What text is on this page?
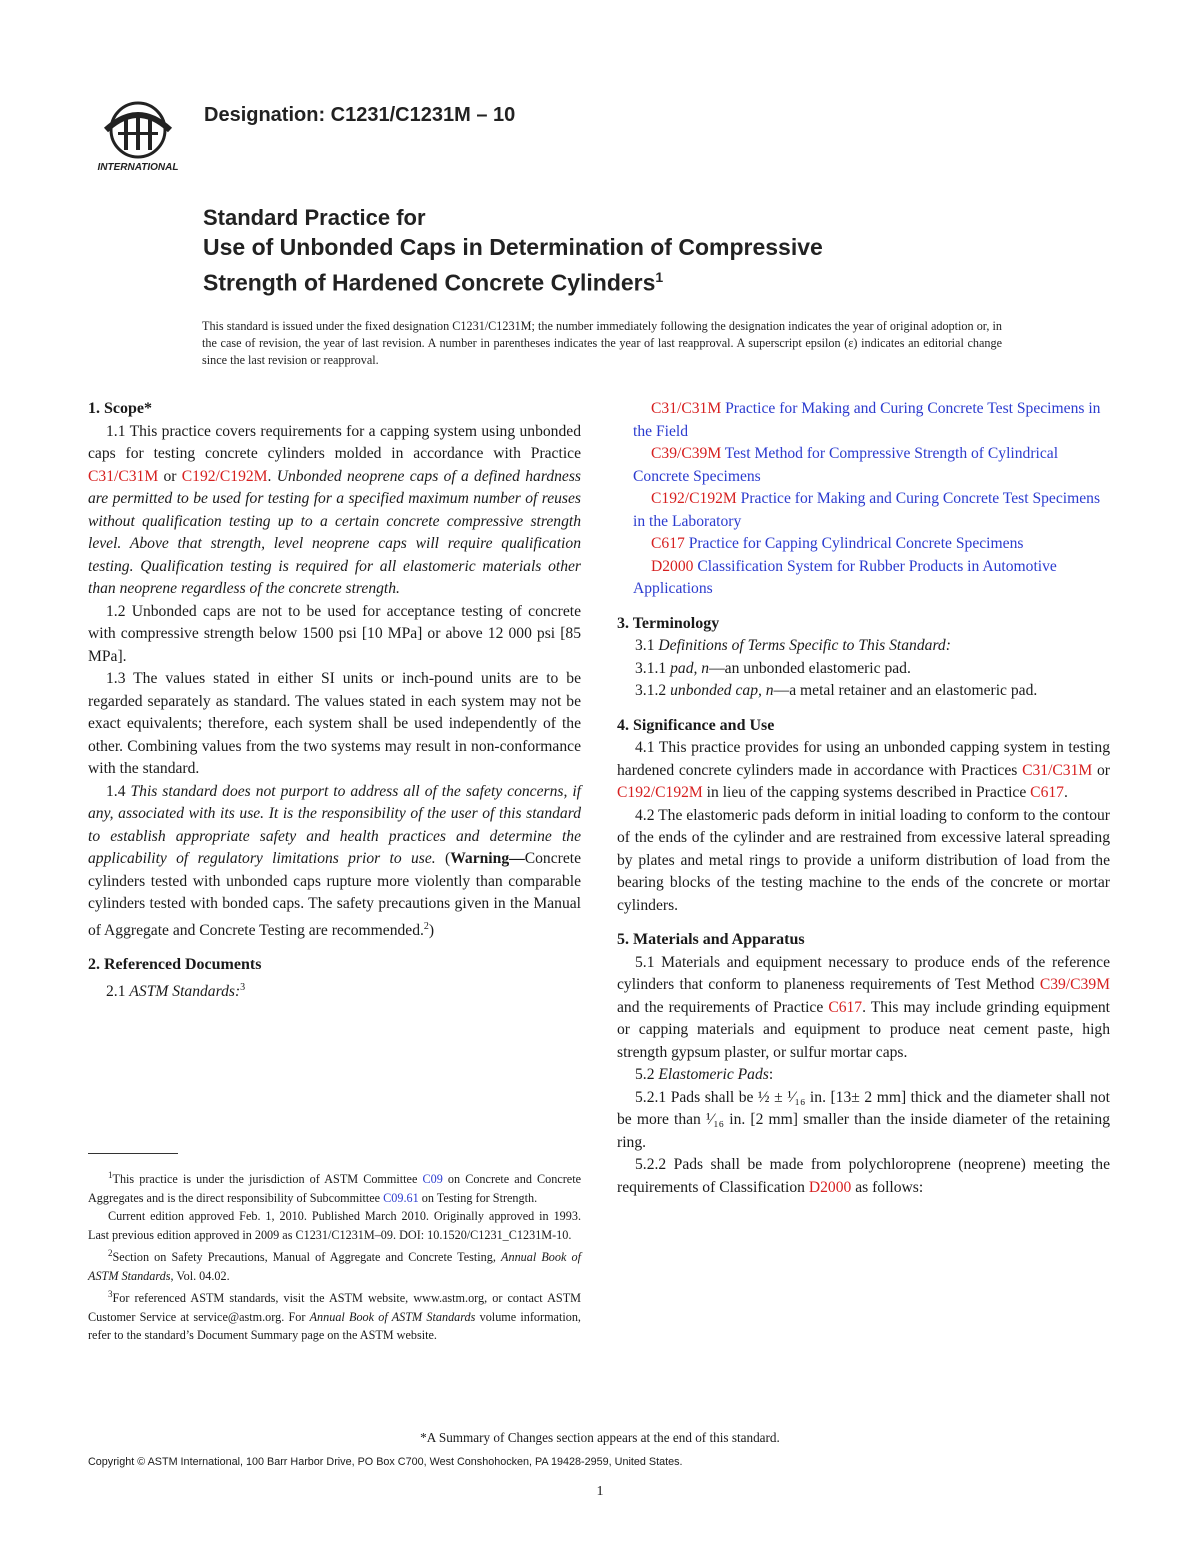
INTERNATIONAL
Designation: C1231/C1231M – 10
Standard Practice for
Use of Unbonded Caps in Determination of Compressive
Strength of Hardened Concrete Cylinders$^1$
This standard is issued under the fixed designation C1231/C1231M; the number immediately following the designation indicates the year of original adoption or, in the case of revision, the year of last revision. A number in parentheses indicates the year of last reapproval. A superscript epsilon (ε) indicates an editorial change since the last revision or reapproval.
1. Scope*

1.1 This practice covers requirements for a capping system using unbonded caps for testing concrete cylinders molded in accordance with Practice C31/C31M or C192/C192M. Unbonded neoprene caps of a defined hardness are permitted to be used for testing for a specified maximum number of reuses without qualification testing up to a certain concrete compressive strength level. Above that strength, level neoprene caps will require qualification testing. Qualification testing is required for all elastomeric materials other than neoprene regardless of the concrete strength.

1.2 Unbonded caps are not to be used for acceptance testing of concrete with compressive strength below 1500 psi [10 MPa] or above 12 000 psi [85 MPa].

1.3 The values stated in either SI units or inch-pound units are to be regarded separately as standard. The values stated in each system may not be exact equivalents; therefore, each system shall be used independently of the other. Combining values from the two systems may result in non-conformance with the standard.

1.4 This standard does not purport to address all of the safety concerns, if any, associated with its use. It is the responsibility of the user of this standard to establish appropriate safety and health practices and determine the applicability of regulatory limitations prior to use. (Warning—Concrete cylinders tested with unbonded caps rupture more violently than comparable cylinders tested with bonded caps. The safety precautions given in the Manual of Aggregate and Concrete Testing are recommended.$^2$)

2. Referenced Documents

2.1 ASTM Standards:$^3$

$^1$This practice is under the jurisdiction of ASTM Committee C09 on Concrete and Concrete Aggregates and is the direct responsibility of Subcommittee C09.61 on Testing for Strength.

Current edition approved Feb. 1, 2010. Published March 2010. Originally approved in 1993. Last previous edition approved in 2009 as C1231/C1231M–09. DOI: 10.1520/C1231_C1231M-10.

$^2$Section on Safety Precautions, Manual of Aggregate and Concrete Testing, Annual Book of ASTM Standards, Vol. 04.02.

$^3$For referenced ASTM standards, visit the ASTM website, www.astm.org, or contact ASTM Customer Service at service@astm.org. For Annual Book of ASTM Standards volume information, refer to the standard’s Document Summary page on the ASTM website.

C31/C31M Practice for Making and Curing Concrete Test Specimens in the Field

C39/C39M Test Method for Compressive Strength of Cylindrical Concrete Specimens

C192/C192M Practice for Making and Curing Concrete Test Specimens in the Laboratory

C617 Practice for Capping Cylindrical Concrete Specimens

D2000 Classification System for Rubber Products in Automotive Applications

3. Terminology

3.1 Definitions of Terms Specific to This Standard:

3.1.1 pad, n—an unbonded elastomeric pad.

3.1.2 unbonded cap, n—a metal retainer and an elastomeric pad.

4. Significance and Use

4.1 This practice provides for using an unbonded capping system in testing hardened concrete cylinders made in accordance with Practices C31/C31M or C192/C192M in lieu of the capping systems described in Practice C617.

4.2 The elastomeric pads deform in initial loading to conform to the contour of the ends of the cylinder and are restrained from excessive lateral spreading by plates and metal rings to provide a uniform distribution of load from the bearing blocks of the testing machine to the ends of the concrete or mortar cylinders.

5. Materials and Apparatus

5.1 Materials and equipment necessary to produce ends of the reference cylinders that conform to planeness requirements of Test Method C39/C39M and the requirements of Practice C617. This may include grinding equipment or capping materials and equipment to produce neat cement paste, high strength gypsum plaster, or sulfur mortar caps.

5.2 Elastomeric Pads:

5.2.1 Pads shall be ½ ± ¹⁄₁₆ in. [13± 2 mm] thick and the diameter shall not be more than ¹⁄₁₆ in. [2 mm] smaller than the inside diameter of the retaining ring.

5.2.2 Pads shall be made from polychloroprene (neoprene) meeting the requirements of Classification D2000 as follows:

*A Summary of Changes section appears at the end of this standard.
Copyright © ASTM International, 100 Barr Harbor Drive, PO Box C700, West Conshohocken, PA 19428-2959, United States.
1
